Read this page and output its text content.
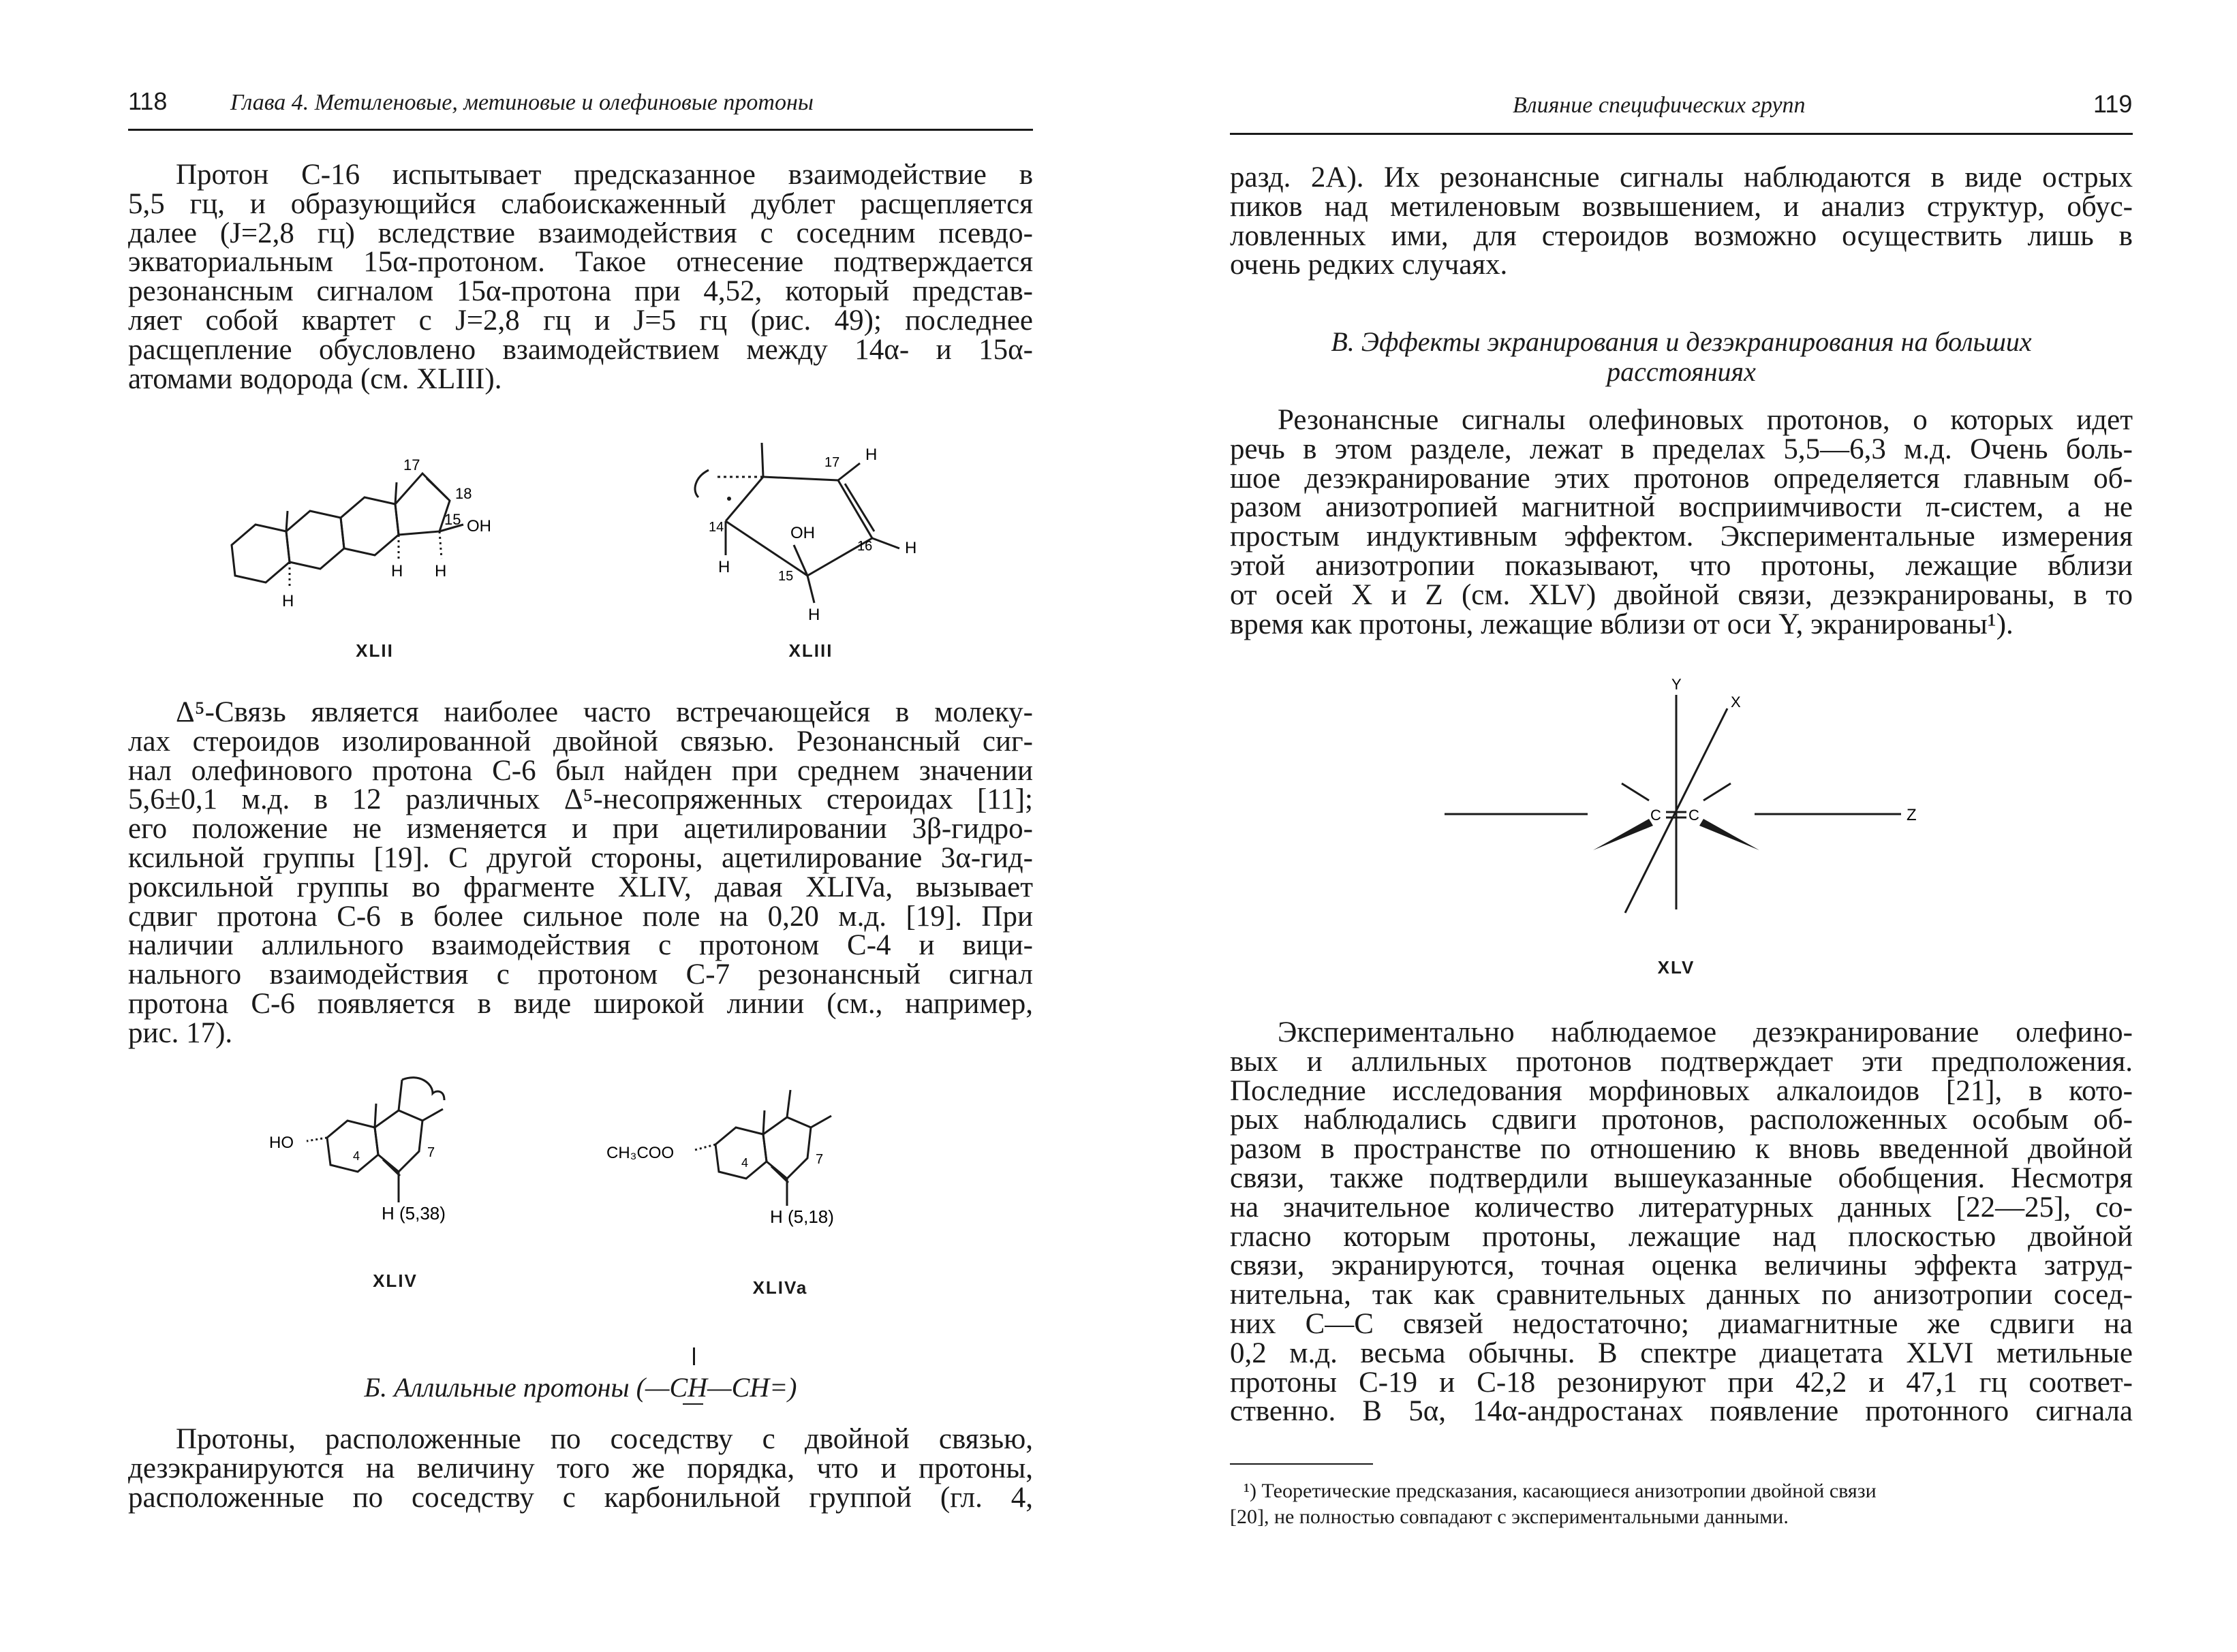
118	Глава 4. Метиленовые, метиновые и олефиновые протоны
Протон С-16 испытывает предсказанное взаимодействие в
5,5 гц, и образующийся слабоискаженный дублет расщепляется
далее (J=2,8 гц) вследствие взаимодействия с соседним псевдо-
экваториальным 15α-протоном. Такое отнесение подтверждается
резонансным сигналом 15α-протона при 4,52, который представ-
ляет собой квартет с J=2,8 гц и J=5 гц (рис. 49); последнее
расщепление обусловлено взаимодействием между 14α- и 15α-
атомами водорода (см. XLIII).
17
18
15 OH
H H
H
XLII
17 H
14	OH
16 H
H	15
H
XLIII
Δ⁵-Связь является наиболее часто встречающейся в молеку-
лах стероидов изолированной двойной связью. Резонансный сиг-
нал олефинового протона С-6 был найден при среднем значении
5,6±0,1 м.д. в 12 различных Δ⁵-несопряженных стероидах [11];
его положение не изменяется и при ацетилировании 3β-гидро-
ксильной группы [19]. С другой стороны, ацетилирование 3α-гид-
роксильной группы во фрагменте XLIV, давая XLIVa, вызывает
сдвиг протона С-6 в более сильное поле на 0,20 м.д. [19]. При
наличии аллильного взаимодействия с протоном С-4 и вици-
нального взаимодействия с протоном С-7 резонансный сигнал
протона С-6 появляется в виде широкой линии (см., например,
рис. 17).
HO
4	7
H (5,38)
XLIV
CH₃COO
4	7
H (5,18)
XLIVa
Б. Аллильные протоны (—CH—CH=)
Протоны, расположенные по соседству с двойной связью,
дезэкранируются на величину того же порядка, что и протоны,
расположенные по соседству с карбонильной группой (гл. 4,
Влияние специфических групп	119
разд. 2А). Их резонансные сигналы наблюдаются в виде острых
пиков над метиленовым возвышением, и анализ структур, обус-
ловленных ими, для стероидов возможно осуществить лишь в
очень редких случаях.
В. Эффекты экранирования и дезэкранирования на больших
расстояниях
Резонансные сигналы олефиновых протонов, о которых идет
речь в этом разделе, лежат в пределах 5,5—6,3 м.д. Очень боль-
шое дезэкранирование этих протонов определяется главным об-
разом анизотропией магнитной восприимчивости π-систем, а не
простым индуктивным эффектом. Экспериментальные измерения
этой анизотропии показывают, что протоны, лежащие вблизи
от осей X и Z (см. XLV) двойной связи, дезэкранированы, в то
время как протоны, лежащие вблизи от оси Y, экранированы¹).
Y
X
Z
C C
XLV
Экспериментально наблюдаемое дезэкранирование олефино-
вых и аллильных протонов подтверждает эти предположения.
Последние исследования морфиновых алкалоидов [21], в кото-
рых наблюдались сдвиги протонов, расположенных особым об-
разом в пространстве по отношению к вновь введенной двойной
связи, также подтвердили вышеуказанные обобщения. Несмотря
на значительное количество литературных данных [22—25], со-
гласно которым протоны, лежащие над плоскостью двойной
связи, экранируются, точная оценка величины эффекта затруд-
нительна, так как сравнительных данных по анизотропии сосед-
них С—С связей недостаточно; диамагнитные же сдвиги на
0,2 м.д. весьма обычны. В спектре диацетата XLVI метильные
протоны С-19 и С-18 резонируют при 42,2 и 47,1 гц соответ-
ственно. В 5α, 14α-андростанах появление протонного сигнала
¹) Теоретические предсказания, касающиеся анизотропии двойной связи
[20], не полностью совпадают с экспериментальными данными.
